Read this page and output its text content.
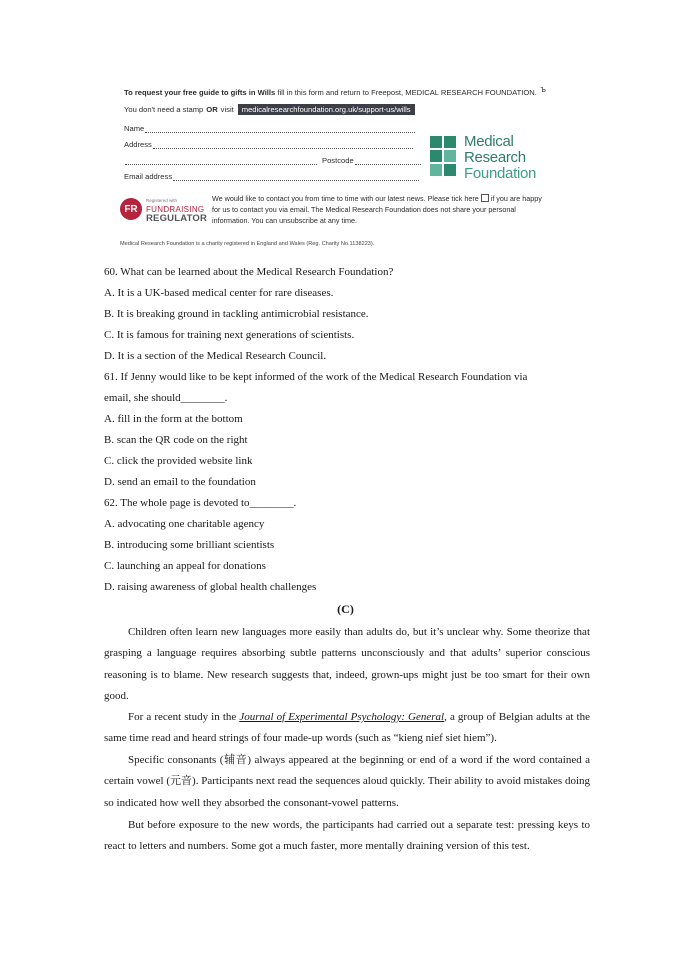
To request your free guide to gifts in Wills fill in this form and return to Freepost, MEDICAL RESEARCH FOUNDATION. ъ
You don't need a stamp OR visit	medicalresearchfoundation.org.uk/support-us/wills
Name
Address
Postcode
Email address
Medical
Research
Foundation
FR
Registered with
FUNDRAISING
REGULATOR
We would like to contact you from time to time with our latest news. Please tick here if you are happy for us to contact you via email. The Medical Research Foundation does not share your personal information. You can unsubscribe at any time.
Medical Research Foundation is a charity registered in England and Wales (Reg. Charity No.1138223).
60. What can be learned about the Medical Research Foundation?
A. It is a UK-based medical center for rare diseases.
B. It is breaking ground in tackling antimicrobial resistance.
C. It is famous for training next generations of scientists.
D. It is a section of the Medical Research Council.
61. If Jenny would like to be kept informed of the work of the Medical Research Foundation via
email, she should________.
A. fill in the form at the bottom
B. scan the QR code on the right
C. click the provided website link
D. send an email to the foundation
62. The whole page is devoted to________.
A. advocating one charitable agency
B. introducing some brilliant scientists
C. launching an appeal for donations
D. raising awareness of global health challenges
(C)
Children often learn new languages more easily than adults do, but it’s unclear why. Some theorize that grasping a language requires absorbing subtle patterns unconsciously and that adults’ superior conscious reasoning is to blame. New research suggests that, indeed, grown-ups might just be too smart for their own good.
For a recent study in the Journal of Experimental Psychology: General, a group of Belgian adults at the same time read and heard strings of four made-up words (such as “kieng nief siet hiem”).
Specific consonants (辅音) always appeared at the beginning or end of a word if the word contained a certain vowel (元音). Participants next read the sequences aloud quickly. Their ability to avoid mistakes doing so indicated how well they absorbed the consonant-vowel patterns.
But before exposure to the new words, the participants had carried out a separate test: pressing keys to react to letters and numbers. Some got a much faster, more mentally draining version of this test.
